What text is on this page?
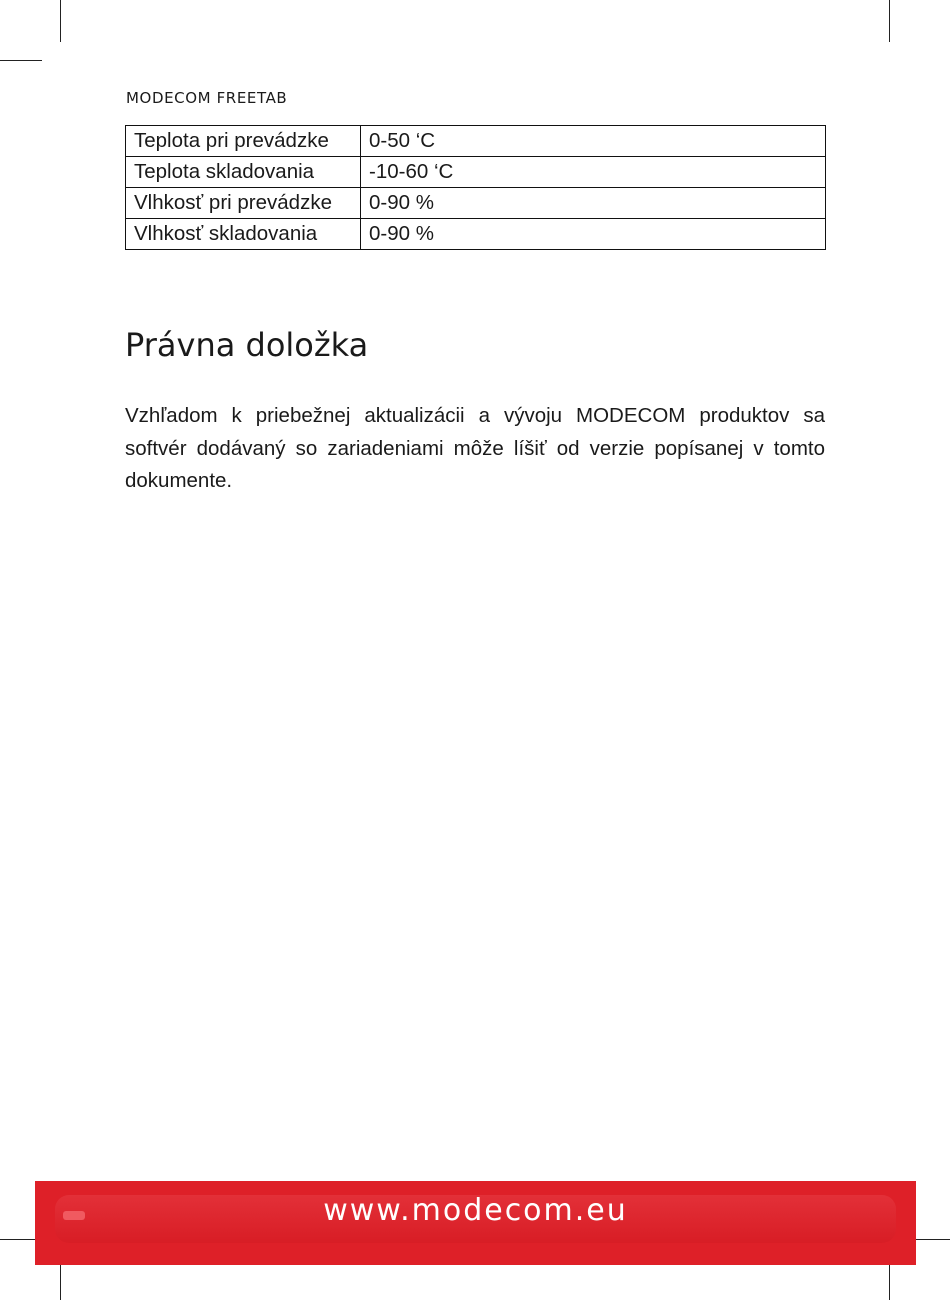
MODECOM FREETAB
Teplota pri prevádzke	0-50 ‘C
Teplota skladovania	-10-60 ‘C
Vlhkosť pri prevádzke	0-90 %
Vlhkosť skladovania	0-90 %
Právna doložka

Vzhľadom k priebežnej aktualizácii a vývoju MODECOM produktov sa softvér dodávaný so zariadeniami môže líšiť od verzie popísanej v tomto dokumente.

www.modecom.eu
